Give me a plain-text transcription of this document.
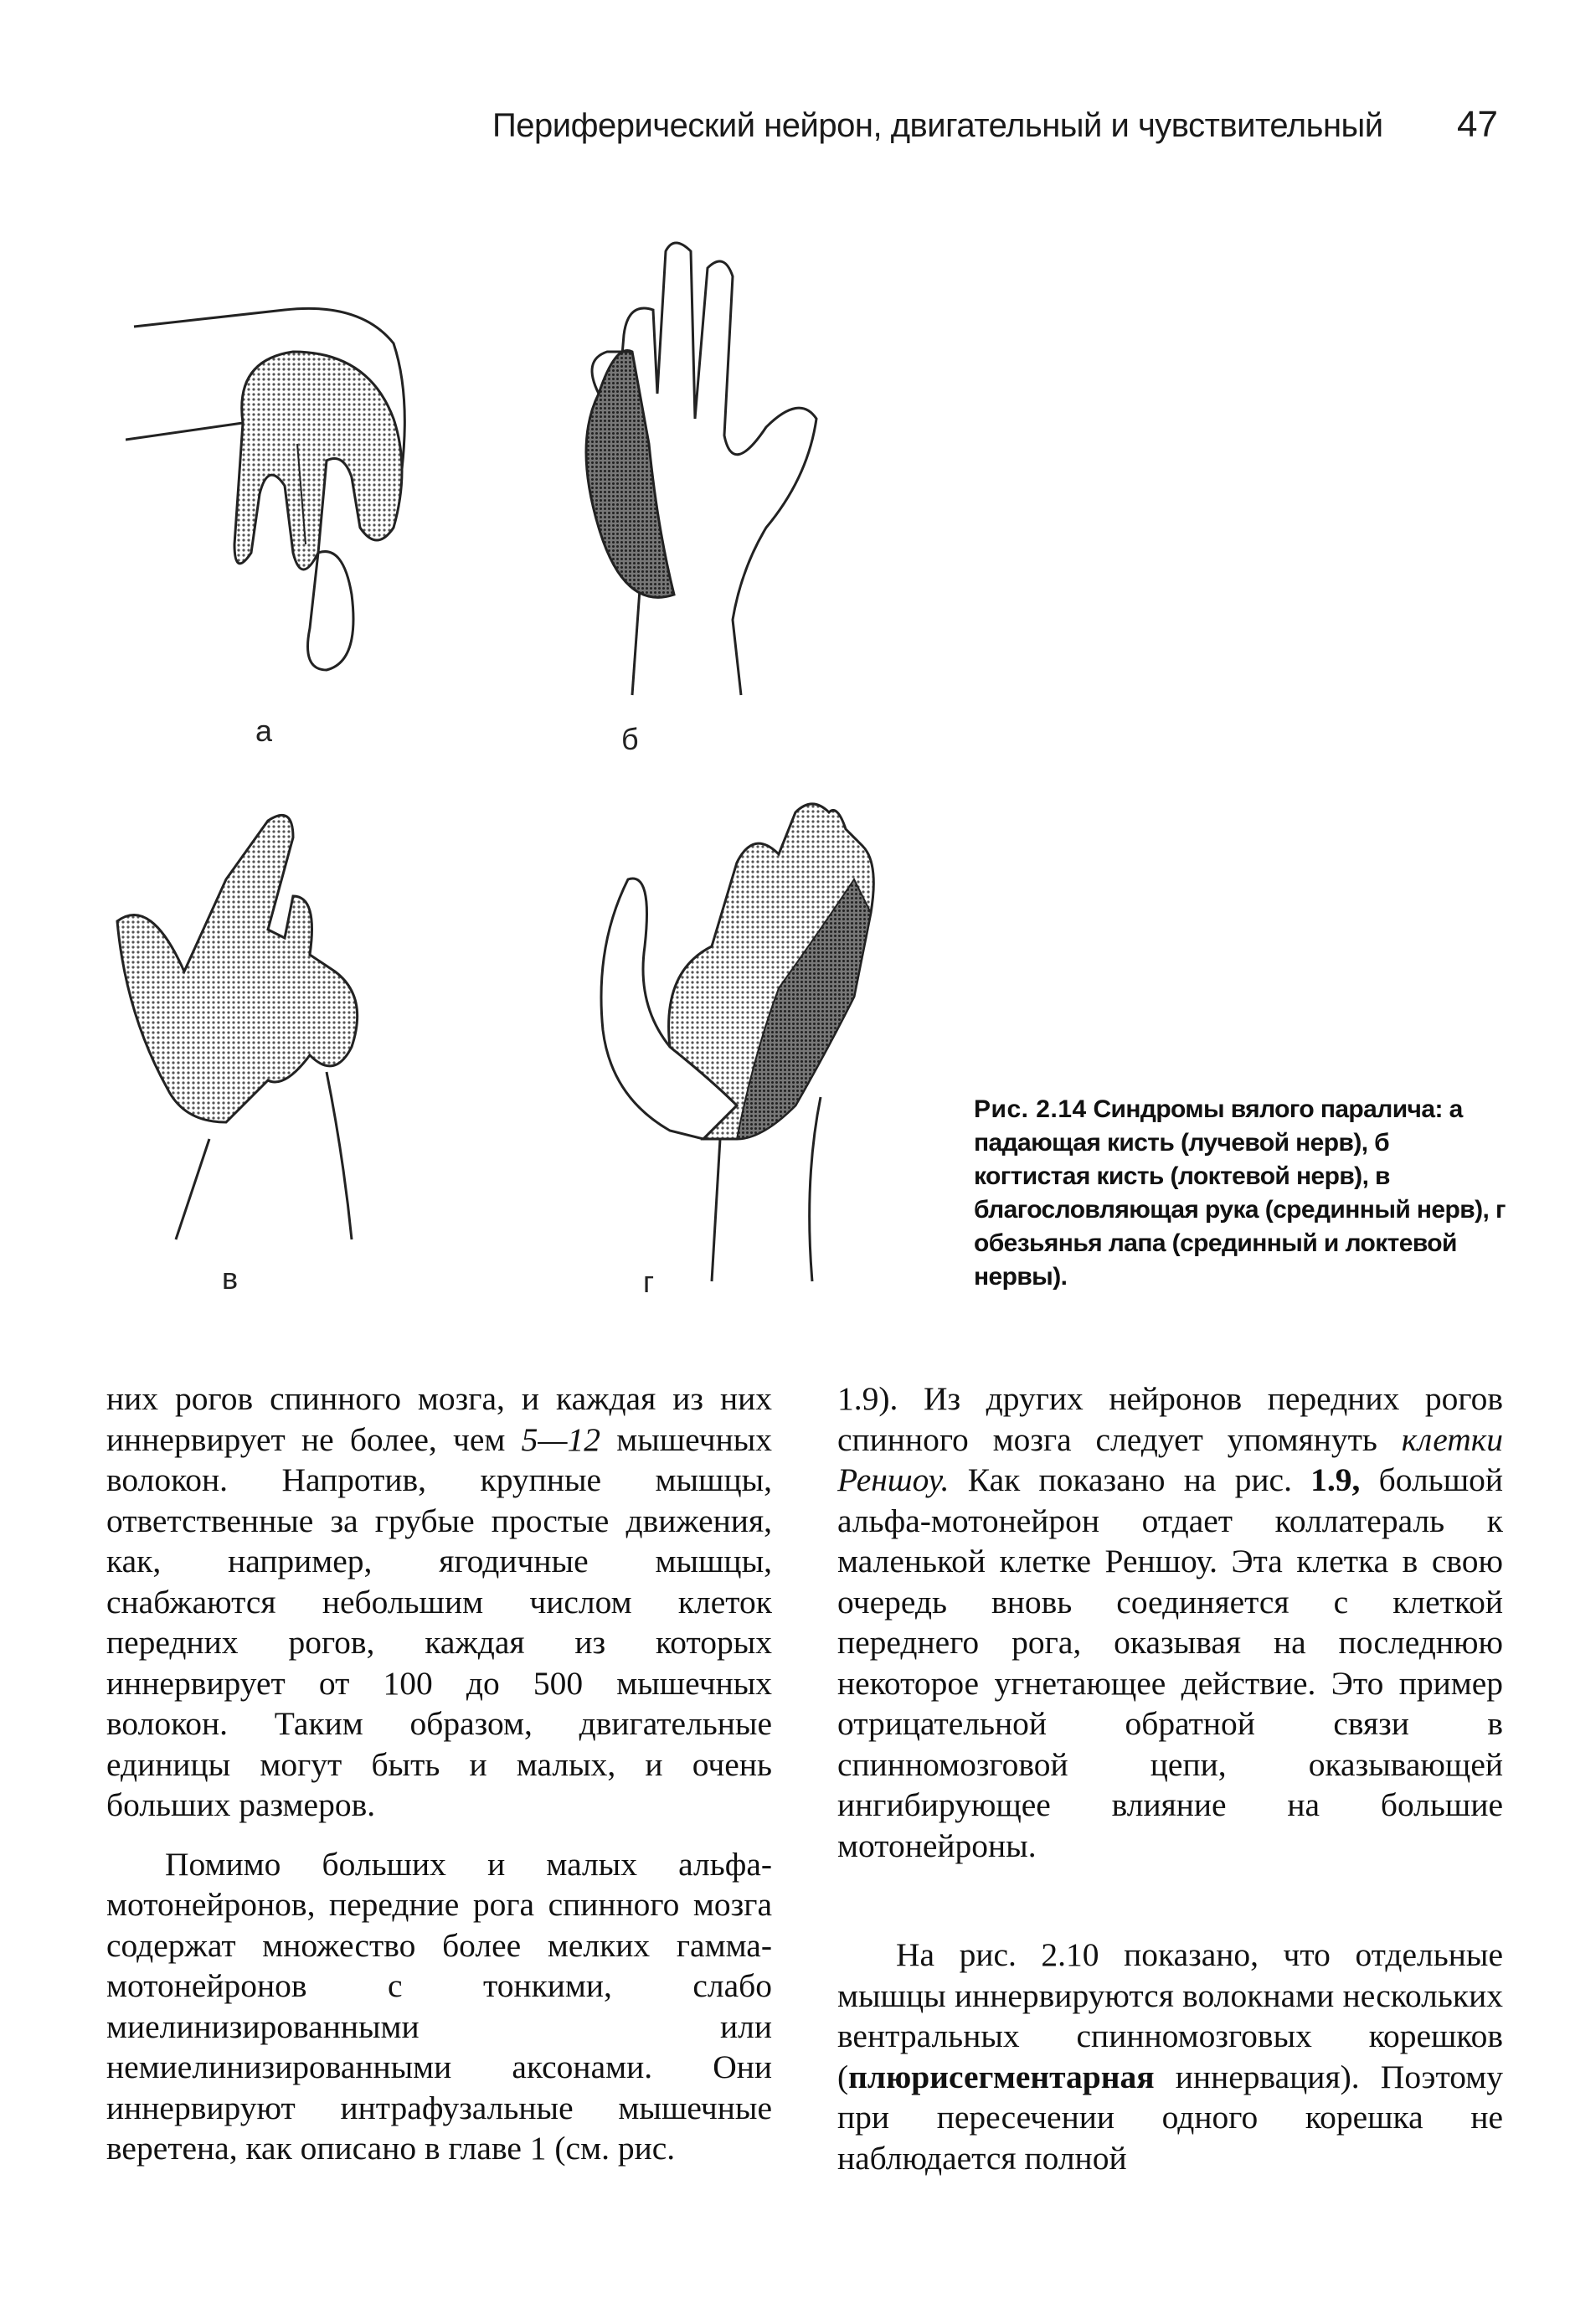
Периферический нейрон, двигательный и чувствительный 47
а	б
в	г
Рис. 2.14 Синдромы вялого паралича: а падающая кисть (лучевой нерв), б когтистая кисть (локтевой нерв), в благословляющая рука (срединный нерв), г обезьянья лапа (срединный и локтевой нервы).

них рогов спинного мозга, и каждая из них иннервирует не более, чем 5—12 мышечных волокон. Напротив, крупные мышцы, ответственные за грубые простые движения, как, например, ягодичные мышцы, снабжаются небольшим числом клеток передних рогов, каждая из которых иннервирует от 100 до 500 мышечных волокон. Таким образом, двигательные единицы могут быть и малых, и очень больших размеров.

Помимо больших и малых альфа-мотонейронов, передние рога спинного мозга содержат множество более мелких гамма-мотонейронов с тонкими, слабо миелинизированными или немиелинизированными аксонами. Они иннервируют интрафузальные мышечные веретена, как описано в главе 1 (см. рис.

1.9). Из других нейронов передних рогов спинного мозга следует упомянуть клетки Реншоу. Как показано на рис. 1.9, большой альфа-мотонейрон отдает коллатераль к маленькой клетке Реншоу. Эта клетка в свою очередь вновь соединяется с клеткой переднего рога, оказывая на последнюю некоторое угнетающее действие. Это пример отрицательной обратной связи в спинномозговой цепи, оказывающей ингибирующее влияние на большие мотонейроны.

На рис. 2.10 показано, что отдельные мышцы иннервируются волокнами нескольких вентральных спинномозговых корешков (плюрисегментарная иннервация). Поэтому при пересечении одного корешка не наблюдается полной
